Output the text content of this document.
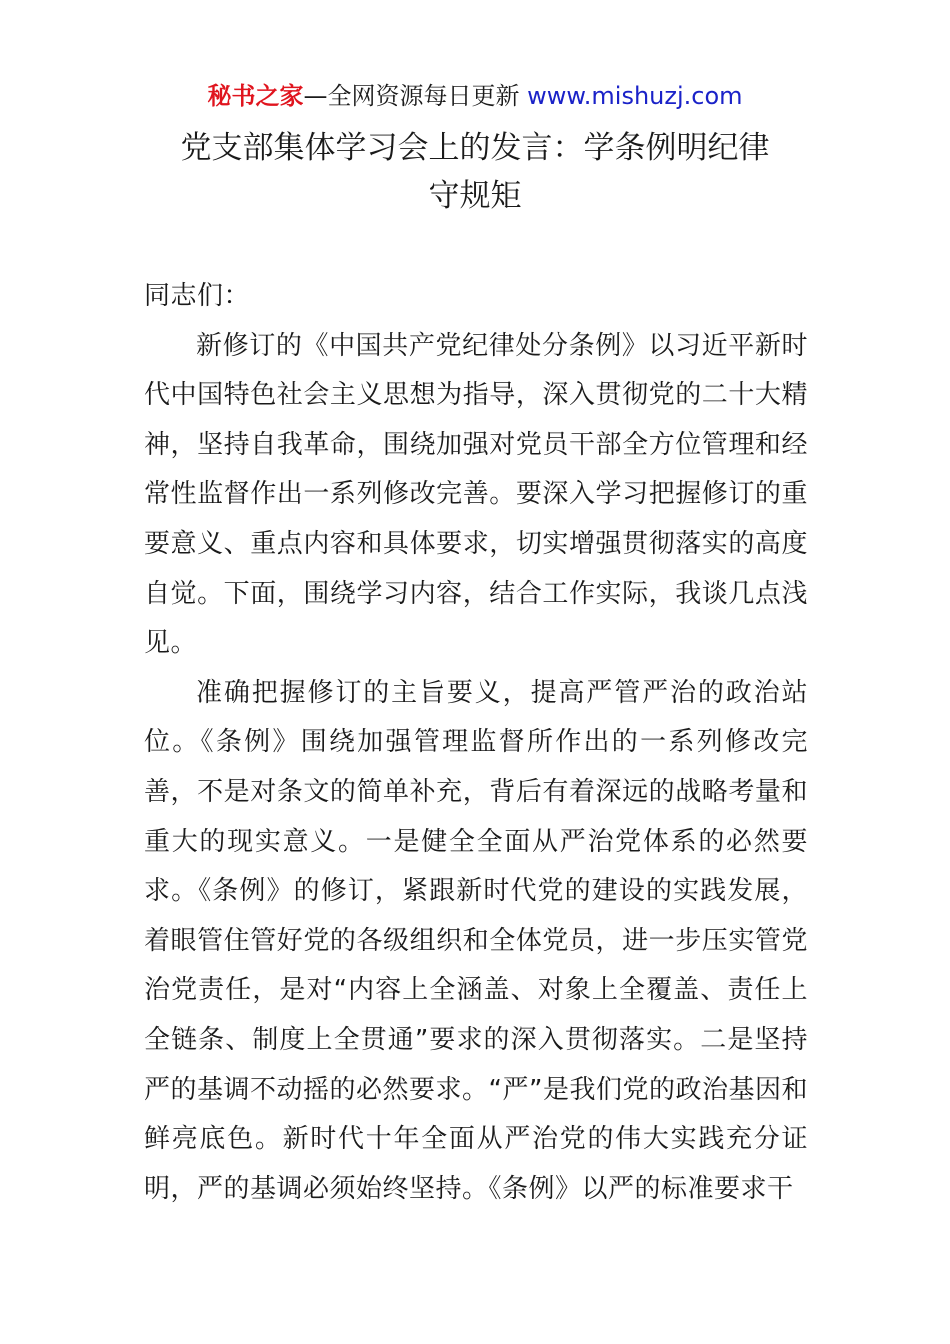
秘书之家—全网资源每日更新 www.mishuzj.com
党支部集体学习会上的发言：学条例明纪律
守规矩

同志们：

新修订的《中国共产党纪律处分条例》以习近平新时代中国特色社会主义思想为指导，深入贯彻党的二十大精神，坚持自我革命，围绕加强对党员干部全方位管理和经常性监督作出一系列修改完善。要深入学习把握修订的重要意义、重点内容和具体要求，切实增强贯彻落实的高度自觉。下面，围绕学习内容，结合工作实际，我谈几点浅见。

准确把握修订的主旨要义，提高严管严治的政治站位。《条例》围绕加强管理监督所作出的一系列修改完善，不是对条文的简单补充，背后有着深远的战略考量和重大的现实意义。一是健全全面从严治党体系的必然要求。《条例》的修订，紧跟新时代党的建设的实践发展，着眼管住管好党的各级组织和全体党员，进一步压实管党治党责任，是对“内容上全涵盖、对象上全覆盖、责任上全链条、制度上全贯通”要求的深入贯彻落实。二是坚持严的基调不动摇的必然要求。“严”是我们党的政治基因和鲜亮底色。新时代十年全面从严治党的伟大实践充分证明，严的基调必须始终坚持。《条例》以严的标准要求干
